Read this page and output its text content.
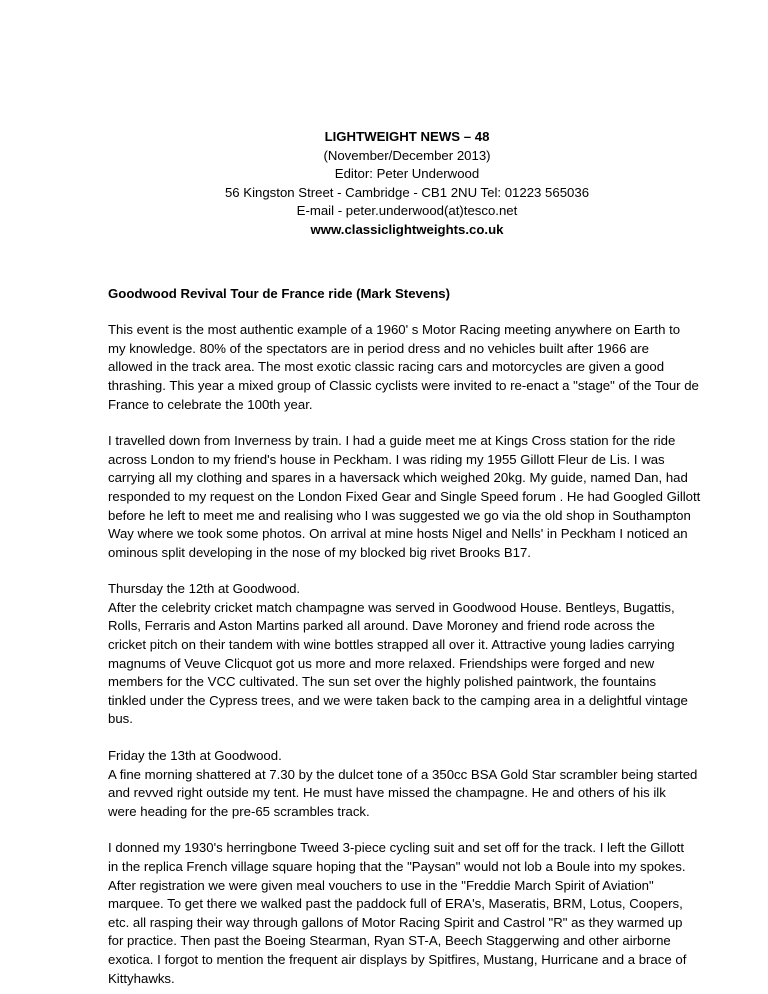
LIGHTWEIGHT NEWS – 48
(November/December 2013)
Editor: Peter Underwood
56 Kingston Street - Cambridge - CB1 2NU Tel: 01223 565036
E-mail - peter.underwood(at)tesco.net
www.classiclightweights.co.uk
Goodwood Revival Tour de France ride (Mark Stevens)
This event is the most authentic example of a 1960' s Motor Racing meeting anywhere on Earth to
my knowledge. 80% of the spectators are in period dress and no vehicles built after 1966 are
allowed in the track area. The most exotic classic racing cars and motorcycles are given a good
thrashing. This year a mixed group of Classic cyclists were invited to re-enact a "stage" of the Tour de
France to celebrate the 100th year.
I travelled down from Inverness by train. I had a guide meet me at Kings Cross station for the ride
across London to my friend's house in Peckham. I was riding my 1955 Gillott Fleur de Lis. I was
carrying all my clothing and spares in a haversack which weighed 20kg. My guide, named Dan, had
responded to my request on the London Fixed Gear and Single Speed forum . He had Googled Gillott
before he left to meet me and realising who I was suggested we go via the old shop in Southampton
Way where we took some photos. On arrival at mine hosts Nigel and Nells' in Peckham I noticed an
ominous split developing in the nose of my blocked big rivet Brooks B17.
Thursday the 12th at Goodwood.
After the celebrity cricket match champagne was served in Goodwood House. Bentleys, Bugattis,
Rolls, Ferraris and Aston Martins parked all around. Dave Moroney and friend rode across the
cricket pitch on their tandem with wine bottles strapped all over it. Attractive young ladies carrying
magnums of Veuve Clicquot got us more and more relaxed. Friendships were forged and new
members for the VCC cultivated. The sun set over the highly polished paintwork, the fountains
tinkled under the Cypress trees, and we were taken back to the camping area in a delightful vintage
bus.
Friday the 13th at Goodwood.
A fine morning shattered at 7.30 by the dulcet tone of a 350cc BSA Gold Star scrambler being started
and revved right outside my tent. He must have missed the champagne. He and others of his ilk
were heading for the pre-65 scrambles track.
I donned my 1930's herringbone Tweed 3-piece cycling suit and set off for the track. I left the Gillott
in the replica French village square hoping that the "Paysan" would not lob a Boule into my spokes.
After registration we were given meal vouchers to use in the "Freddie March Spirit of Aviation"
marquee. To get there we walked past the paddock full of ERA's, Maseratis, BRM, Lotus, Coopers,
etc. all rasping their way through gallons of Motor Racing Spirit and Castrol "R" as they warmed up
for practice. Then past the Boeing Stearman, Ryan ST-A, Beech Staggerwing and other airborne
exotica. I forgot to mention the frequent air displays by Spitfires, Mustang, Hurricane and a brace of
Kittyhawks.
